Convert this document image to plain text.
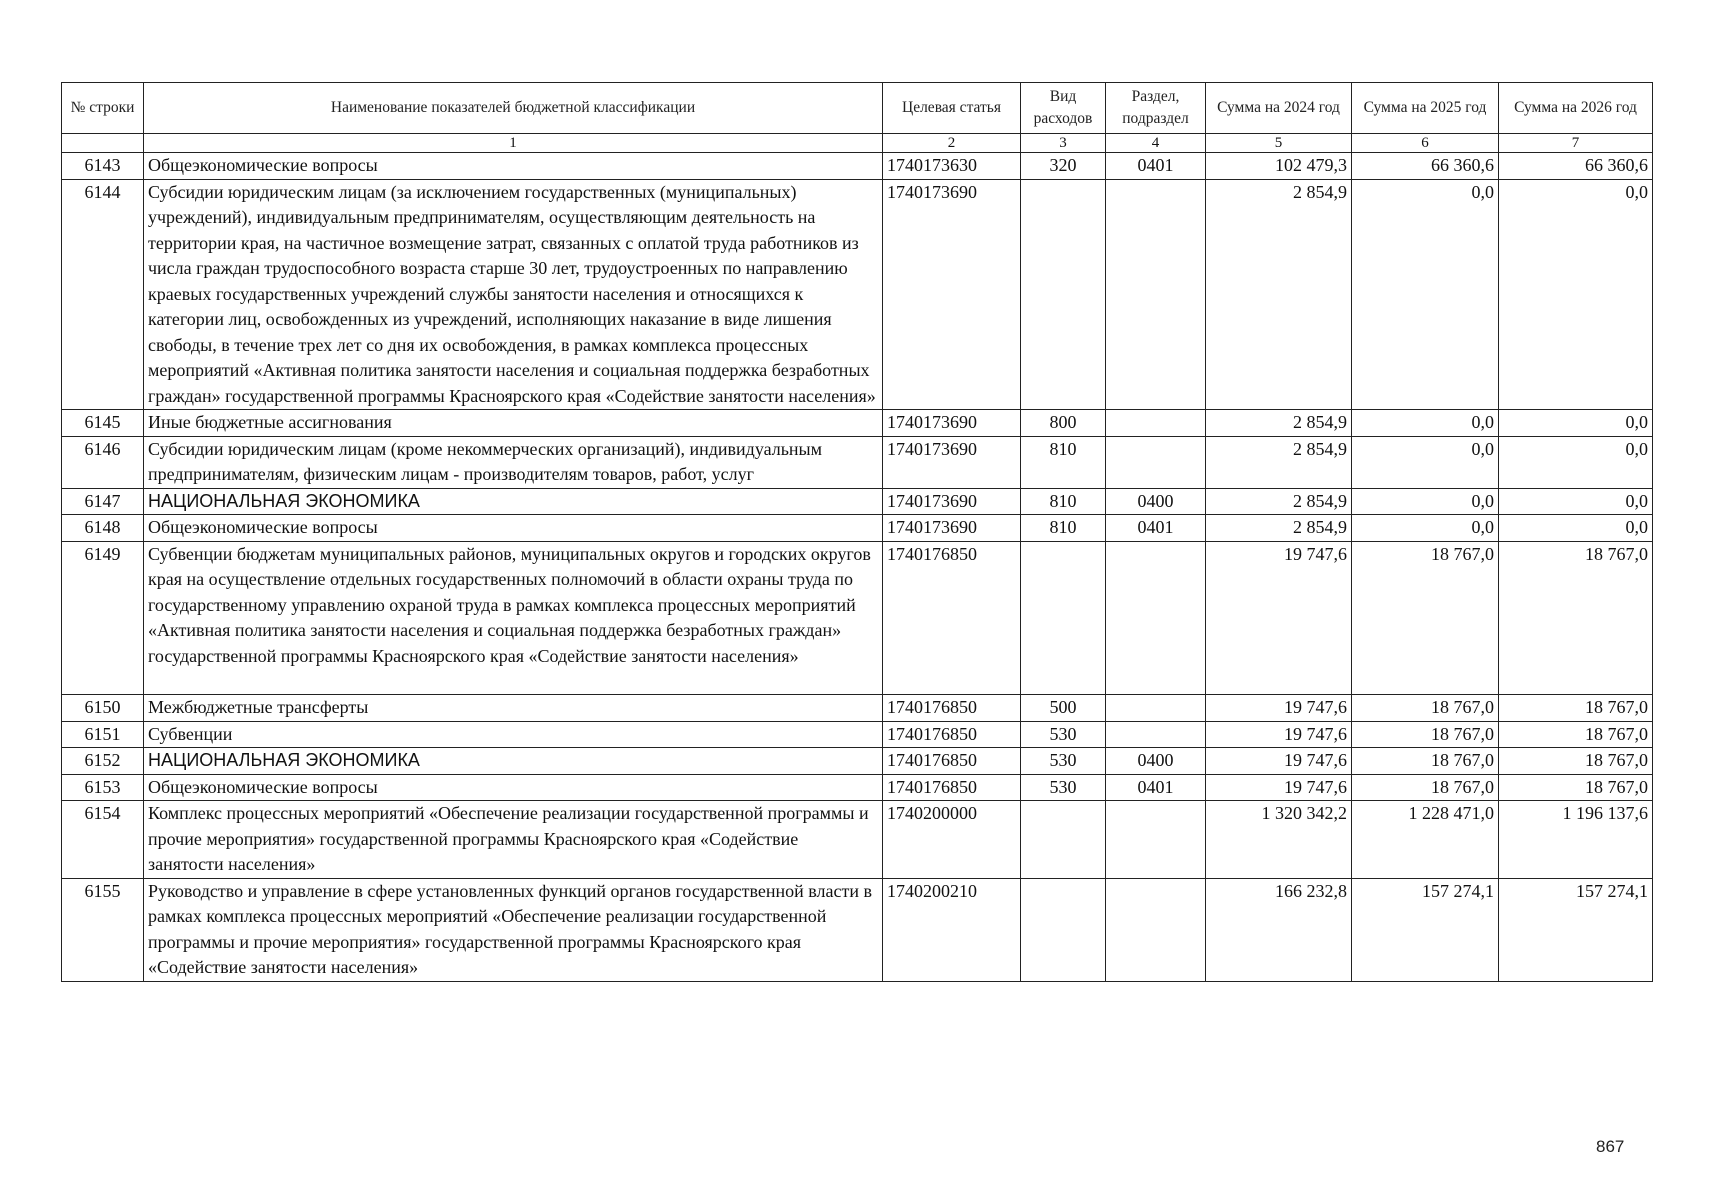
№ строки	Наименование показателей бюджетной классификации	Целевая статья	Вид расходов	Раздел, подраздел	Сумма на 2024 год	Сумма на 2025 год	Сумма на 2026 год
	1	2	3	4	5	6	7
6143	Общеэкономические вопросы	1740173630	320	0401	102 479,3	66 360,6	66 360,6
6144	Субсидии юридическим лицам (за исключением государственных (муниципальных) учреждений), индивидуальным предпринимателям, осуществляющим деятельность на территории края, на частичное возмещение затрат, связанных с оплатой труда работников из числа граждан трудоспособного возраста старше 30 лет, трудоустроенных по направлению краевых государственных учреждений службы занятости населения и относящихся к категории лиц, освобожденных из учреждений, исполняющих наказание в виде лишения свободы, в течение трех лет со дня их освобождения, в рамках комплекса процессных мероприятий «Активная политика занятости населения и социальная поддержка безработных граждан» государственной программы Красноярского края «Содействие занятости населения»	1740173690			2 854,9	0,0	0,0
6145	Иные бюджетные ассигнования	1740173690	800		2 854,9	0,0	0,0
6146	Субсидии юридическим лицам (кроме некоммерческих организаций), индивидуальным предпринимателям, физическим лицам - производителям товаров, работ, услуг	1740173690	810		2 854,9	0,0	0,0
6147	НАЦИОНАЛЬНАЯ ЭКОНОМИКА	1740173690	810	0400	2 854,9	0,0	0,0
6148	Общеэкономические вопросы	1740173690	810	0401	2 854,9	0,0	0,0
6149	Субвенции бюджетам муниципальных районов, муниципальных округов и городских округов края на осуществление отдельных государственных полномочий в области охраны труда по государственному управлению охраной труда в рамках комплекса процессных мероприятий «Активная политика занятости населения и социальная поддержка безработных граждан» государственной программы Красноярского края «Содействие занятости населения»	1740176850			19 747,6	18 767,0	18 767,0
6150	Межбюджетные трансферты	1740176850	500		19 747,6	18 767,0	18 767,0
6151	Субвенции	1740176850	530		19 747,6	18 767,0	18 767,0
6152	НАЦИОНАЛЬНАЯ ЭКОНОМИКА	1740176850	530	0400	19 747,6	18 767,0	18 767,0
6153	Общеэкономические вопросы	1740176850	530	0401	19 747,6	18 767,0	18 767,0
6154	Комплекс процессных мероприятий «Обеспечение реализации государственной программы и прочие мероприятия» государственной программы Красноярского края «Содействие занятости населения»	1740200000			1 320 342,2	1 228 471,0	1 196 137,6
6155	Руководство и управление в сфере установленных функций органов государственной власти в рамках комплекса процессных мероприятий «Обеспечение реализации государственной программы и прочие мероприятия» государственной программы Красноярского края «Содействие занятости населения»	1740200210			166 232,8	157 274,1	157 274,1
867
